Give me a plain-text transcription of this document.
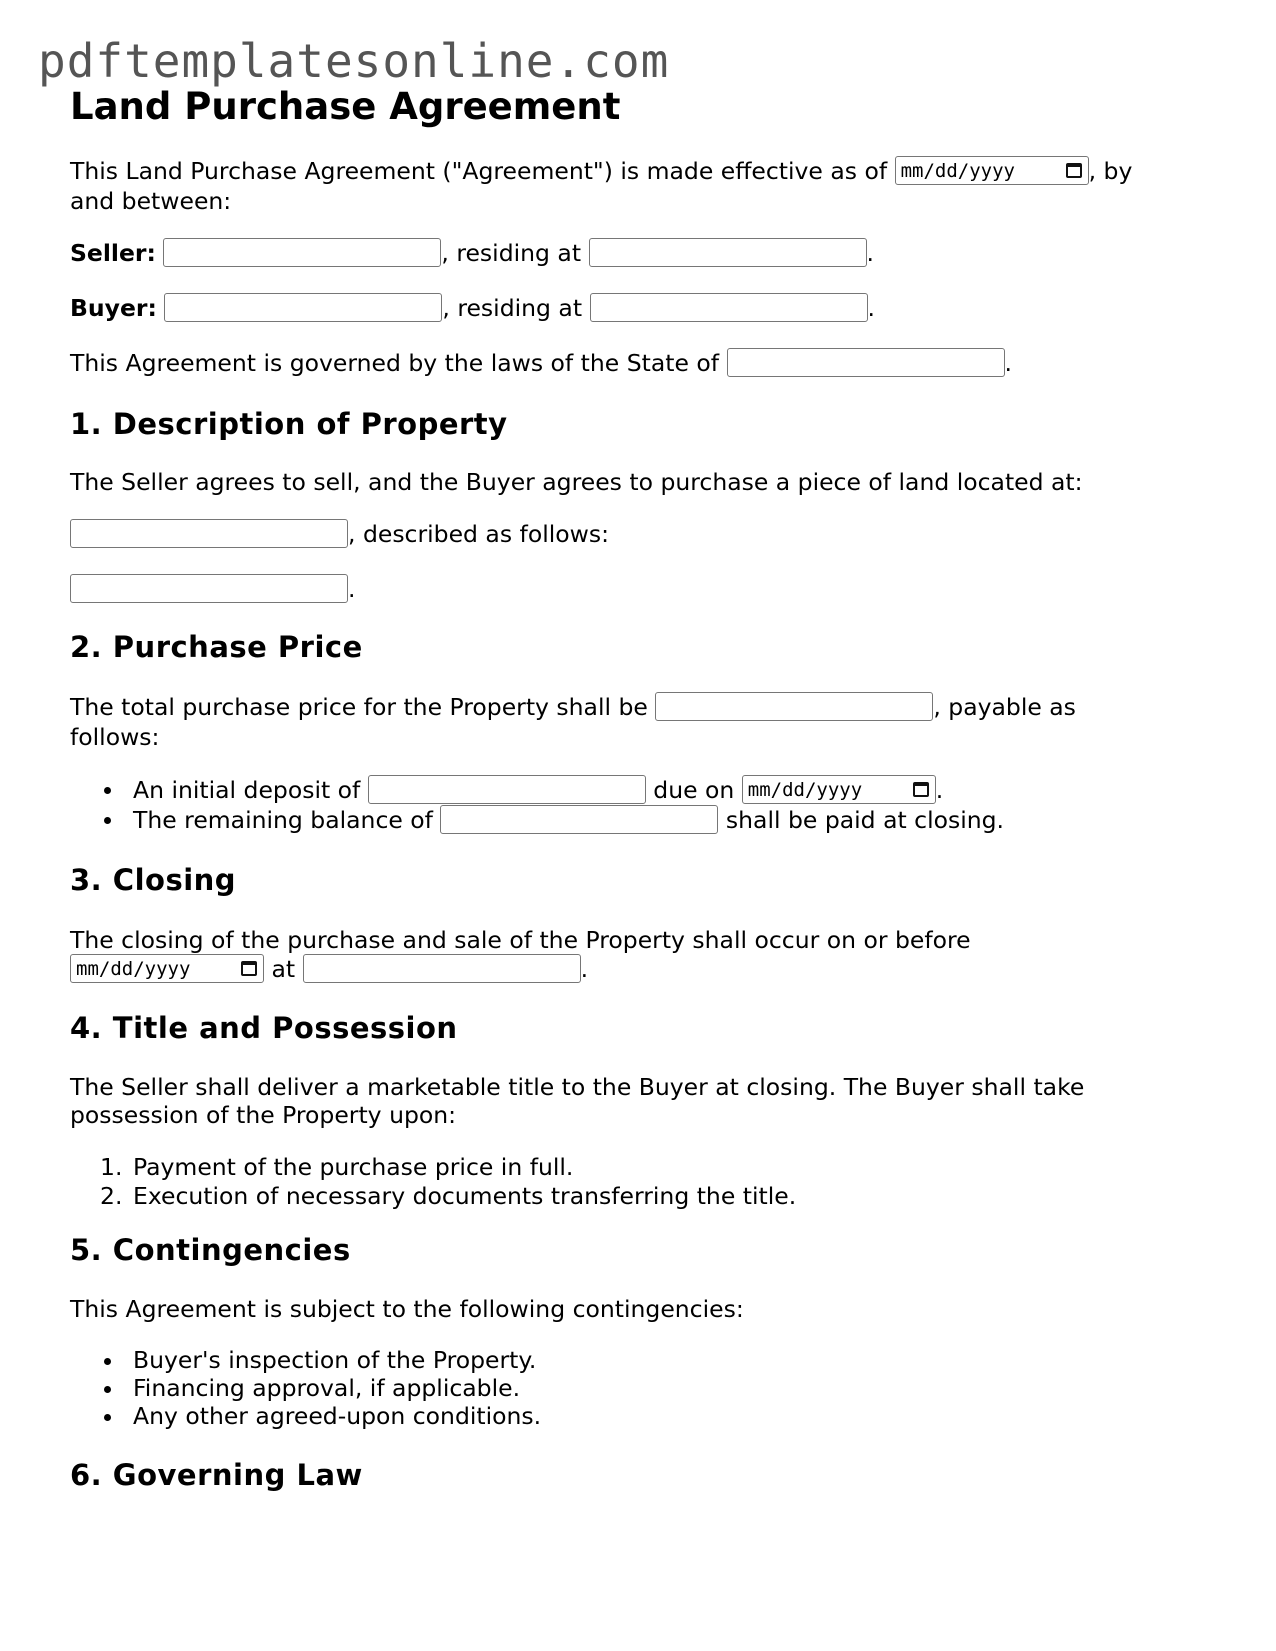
pdftemplatesonline.com
Land Purchase Agreement
This Land Purchase Agreement ("Agreement") is made effective as of mm/dd/yyyy	, by
and between:
Seller:	, residing at	.
Buyer:	, residing at	.
This Agreement is governed by the laws of the State of	.
1. Description of Property
The Seller agrees to sell, and the Buyer agrees to purchase a piece of land located at:
, described as follows:
.
2. Purchase Price
The total purchase price for the Property shall be	, payable as
follows:
An initial deposit of	due on mm/dd/yyyy	.
The remaining balance of	shall be paid at closing.
3. Closing
The closing of the purchase and sale of the Property shall occur on or before
mm/dd/yyyy	at	.
4. Title and Possession
The Seller shall deliver a marketable title to the Buyer at closing. The Buyer shall take
possession of the Property upon:
1. Payment of the purchase price in full.
2. Execution of necessary documents transferring the title.
5. Contingencies
This Agreement is subject to the following contingencies:
Buyer's inspection of the Property.
Financing approval, if applicable.
Any other agreed-upon conditions.
6. Governing Law
